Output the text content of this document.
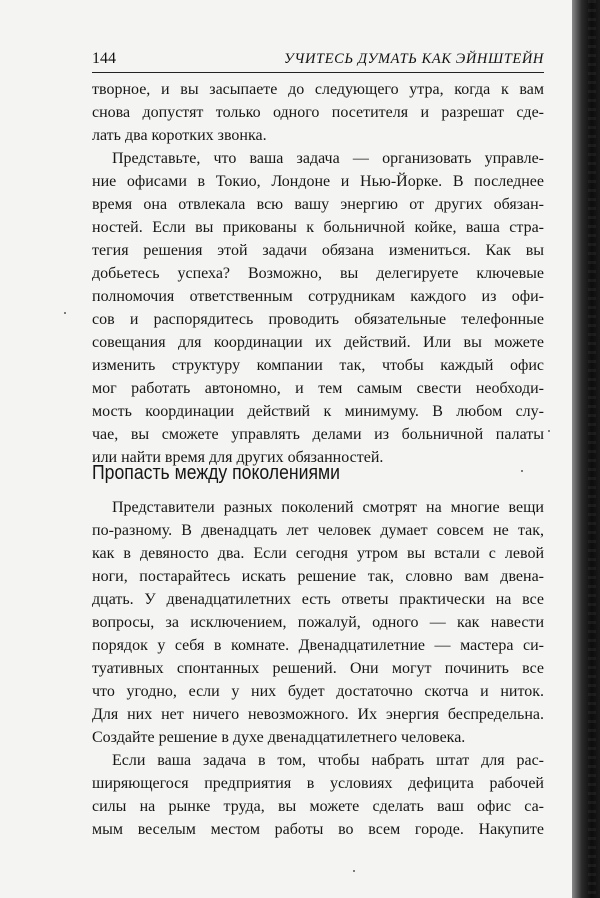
144	УЧИТЕСЬ ДУМАТЬ КАК ЭЙНШТЕЙН
творное, и вы засыпаете до следующего утра, когда к вам
снова допустят только одного посетителя и разрешат сде-
лать два коротких звонка.
Представьте, что ваша задача — организовать управле-
ние офисами в Токио, Лондоне и Нью-Йорке. В последнее
время она отвлекала всю вашу энергию от других обязан-
ностей. Если вы прикованы к больничной койке, ваша стра-
тегия решения этой задачи обязана измениться. Как вы
добьетесь успеха? Возможно, вы делегируете ключевые
полномочия ответственным сотрудникам каждого из офи-
сов и распорядитесь проводить обязательные телефонные
совещания для координации их действий. Или вы можете
изменить структуру компании так, чтобы каждый офис
мог работать автономно, и тем самым свести необходи-
мость координации действий к минимуму. В любом слу-
чае, вы сможете управлять делами из больничной палаты
или найти время для других обязанностей.
Пропасть между поколениями
Представители разных поколений смотрят на многие вещи
по-разному. В двенадцать лет человек думает совсем не так,
как в девяносто два. Если сегодня утром вы встали с левой
ноги, постарайтесь искать решение так, словно вам двена-
дцать. У двенадцатилетних есть ответы практически на все
вопросы, за исключением, пожалуй, одного — как навести
порядок у себя в комнате. Двенадцатилетние — мастера си-
туативных спонтанных решений. Они могут починить все
что угодно, если у них будет достаточно скотча и ниток.
Для них нет ничего невозможного. Их энергия беспредельна.
Создайте решение в духе двенадцатилетнего человека.
Если ваша задача в том, чтобы набрать штат для рас-
ширяющегося предприятия в условиях дефицита рабочей
силы на рынке труда, вы можете сделать ваш офис са-
мым веселым местом работы во всем городе. Накупите
